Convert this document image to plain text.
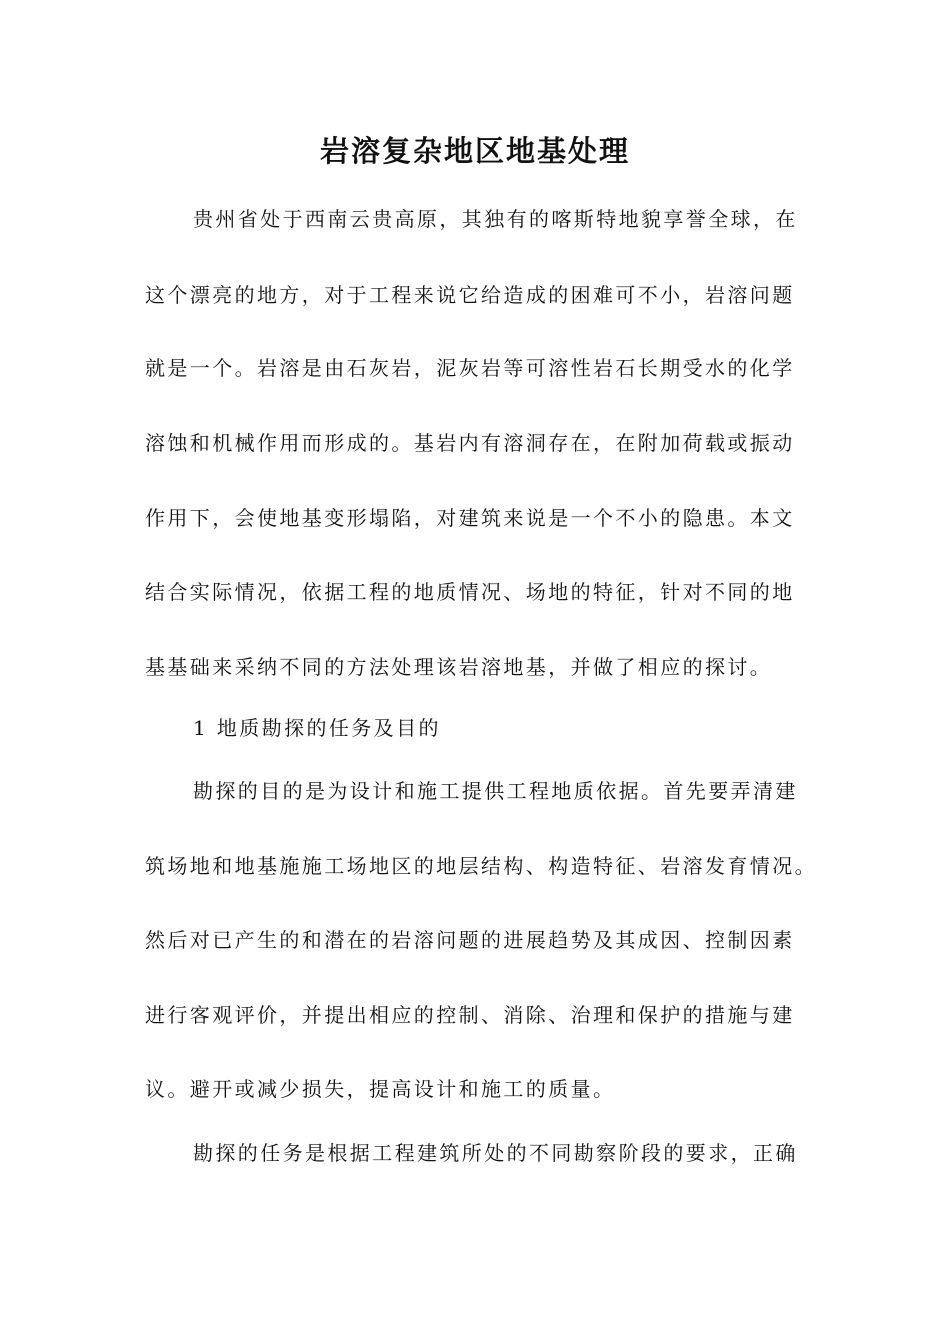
岩溶复杂地区地基处理
贵州省处于西南云贵高原，其独有的喀斯特地貌享誉全球，在
这个漂亮的地方，对于工程来说它给造成的困难可不小，岩溶问题
就是一个。岩溶是由石灰岩，泥灰岩等可溶性岩石长期受水的化学
溶蚀和机械作用而形成的。基岩内有溶洞存在，在附加荷载或振动
作用下，会使地基变形塌陷，对建筑来说是一个不小的隐患。本文
结合实际情况，依据工程的地质情况、场地的特征，针对不同的地
基基础来采纳不同的方法处理该岩溶地基，并做了相应的探讨。
1 地质勘探的任务及目的
勘探的目的是为设计和施工提供工程地质依据。首先要弄清建
筑场地和地基施施工场地区的地层结构、构造特征、岩溶发育情况。
然后对已产生的和潜在的岩溶问题的进展趋势及其成因、控制因素
进行客观评价，并提出相应的控制、消除、治理和保护的措施与建
议。避开或减少损失，提高设计和施工的质量。
勘探的任务是根据工程建筑所处的不同勘察阶段的要求，正确
